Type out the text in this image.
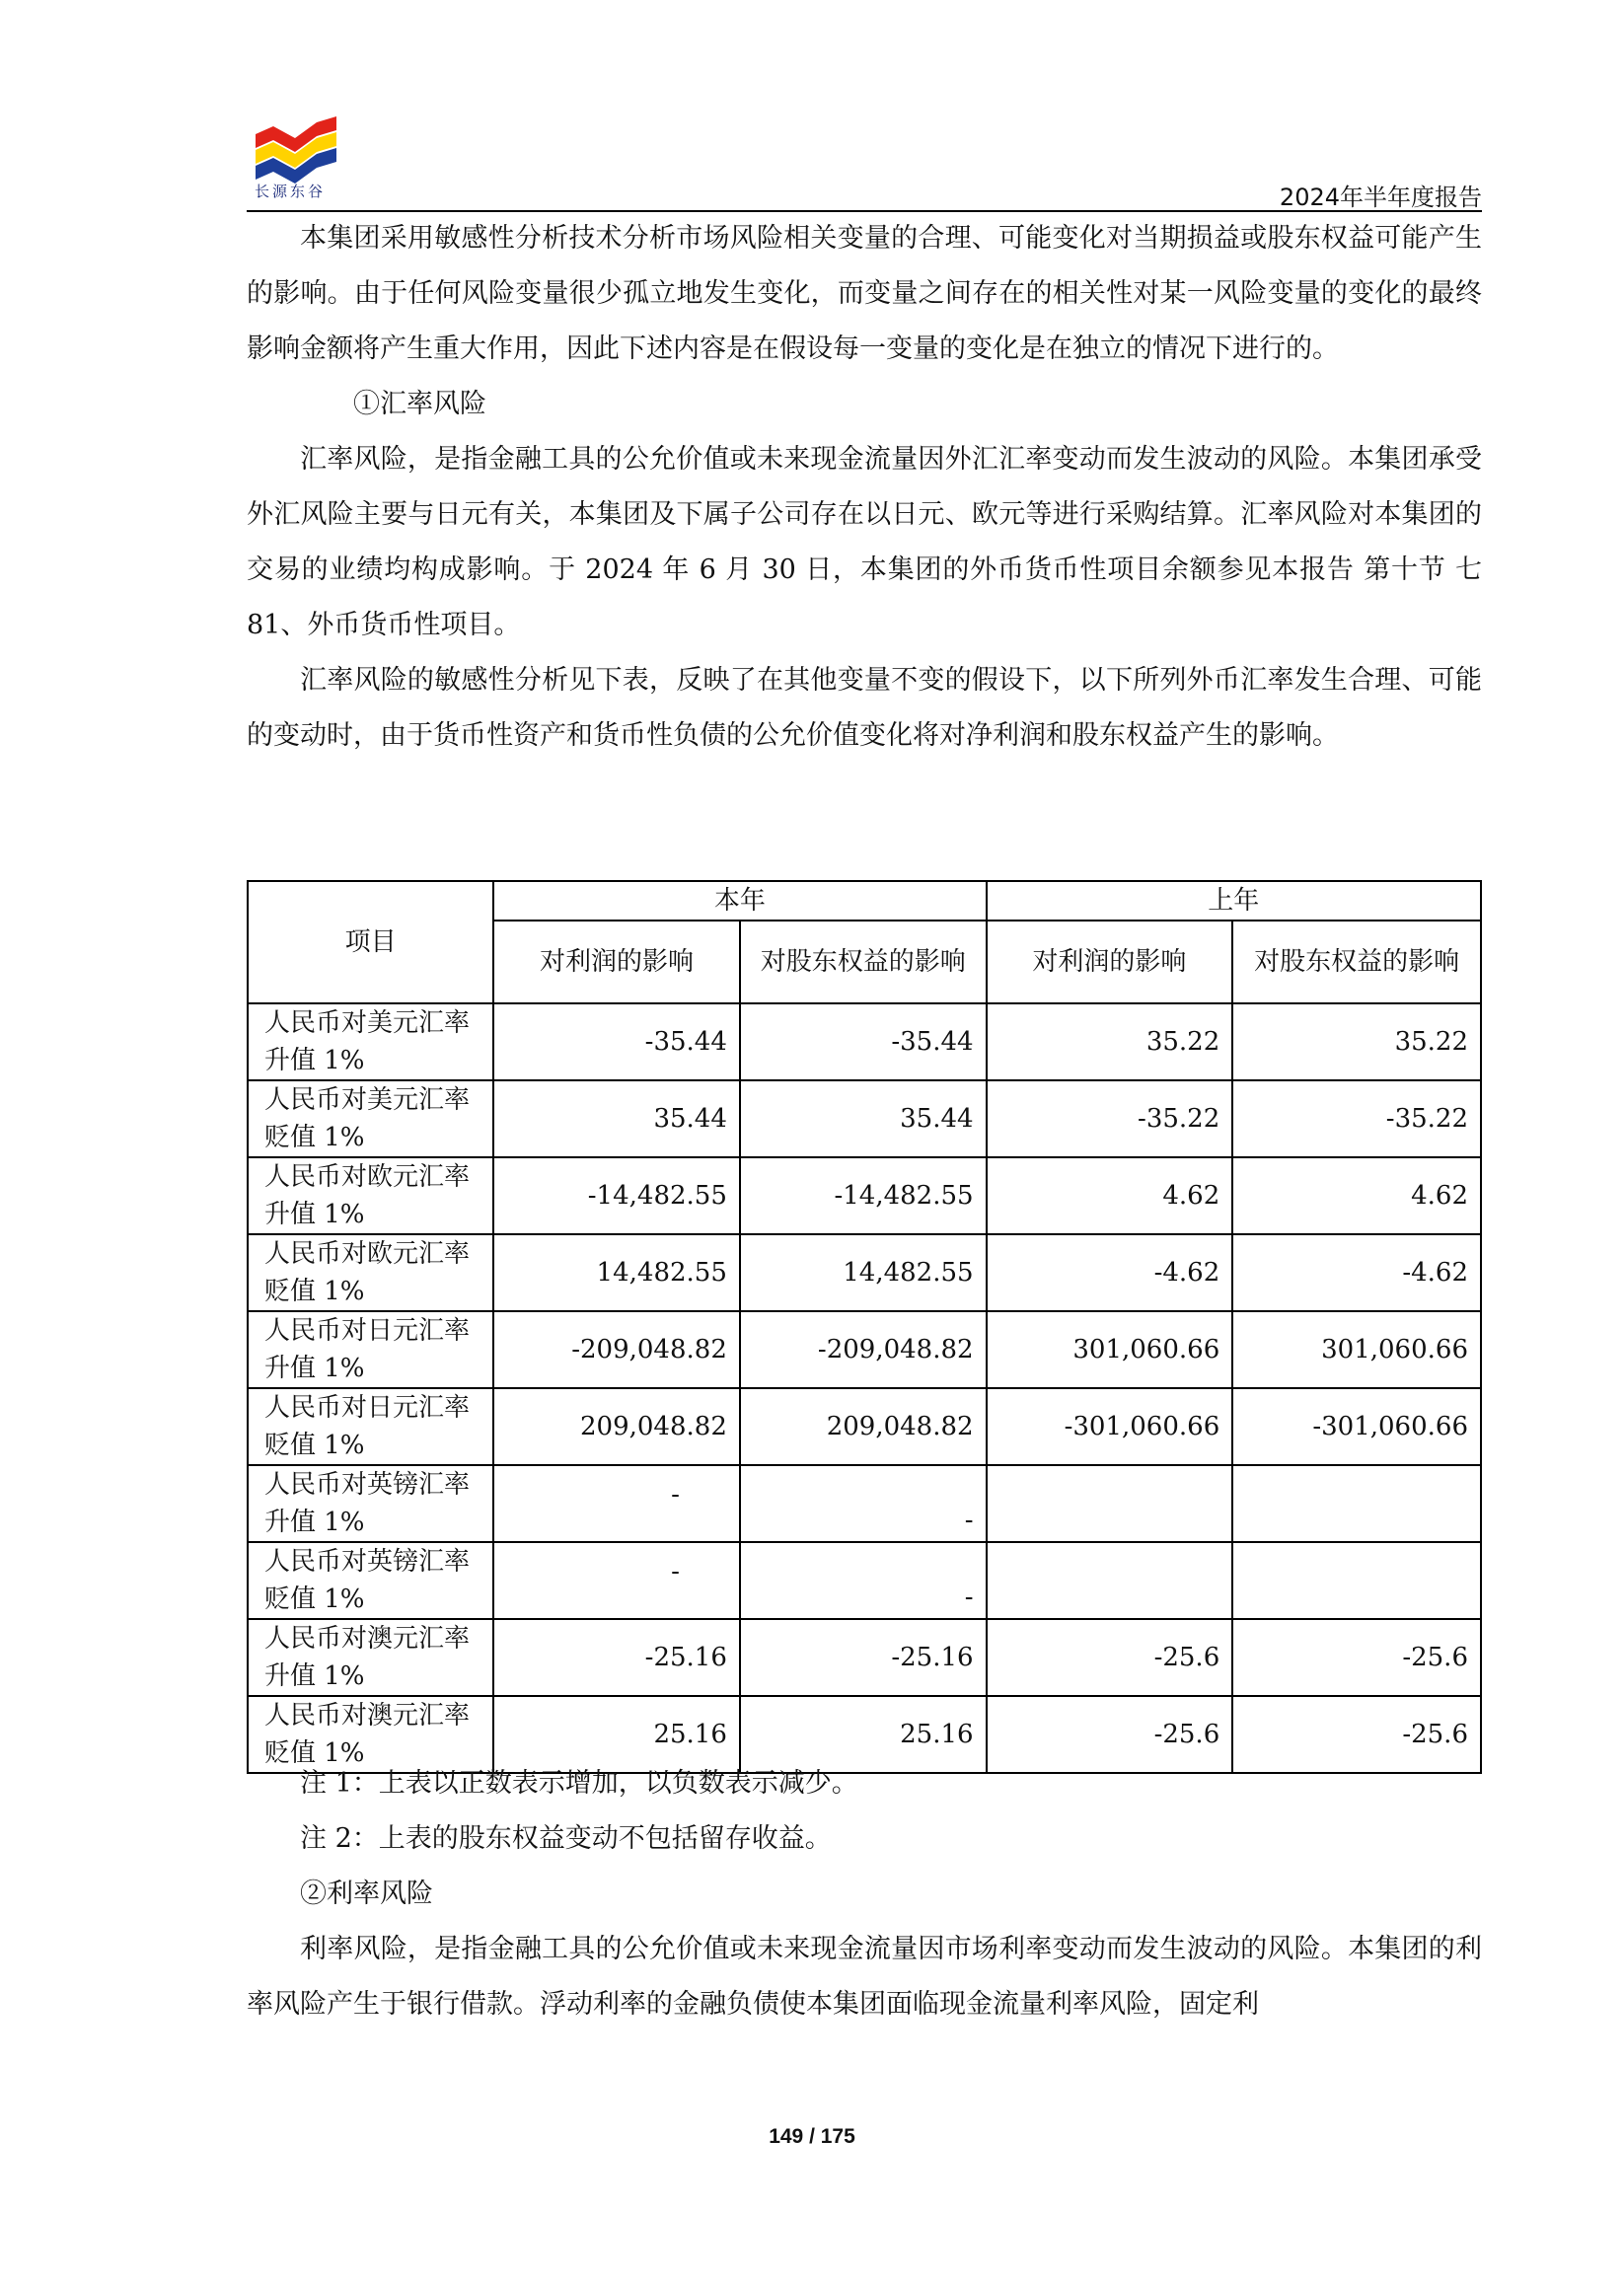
长源东谷	2024年半年度报告

本集团采用敏感性分析技术分析市场风险相关变量的合理、可能变化对当期损益或股东权益可能产生的影响。由于任何风险变量很少孤立地发生变化，而变量之间存在的相关性对某一风险变量的变化的最终影响金额将产生重大作用，因此下述内容是在假设每一变量的变化是在独立的情况下进行的。

①汇率风险

汇率风险，是指金融工具的公允价值或未来现金流量因外汇汇率变动而发生波动的风险。本集团承受外汇风险主要与日元有关，本集团及下属子公司存在以日元、欧元等进行采购结算。汇率风险对本集团的交易的业绩均构成影响。于 2024 年 6 月 30 日，本集团的外币货币性项目余额参见本报告 第十节 七 81、外币货币性项目。

汇率风险的敏感性分析见下表，反映了在其他变量不变的假设下，以下所列外币汇率发生合理、可能的变动时，由于货币性资产和货币性负债的公允价值变化将对净利润和股东权益产生的影响。

项目	本年		上年	
	对利润的影响	对股东权益的影响	对利润的影响	对股东权益的影响
人民币对美元汇率升值 1%	-35.44	-35.44	35.22	35.22
人民币对美元汇率贬值 1%	35.44	35.44	-35.22	-35.22
人民币对欧元汇率升值 1%	-14,482.55	-14,482.55	4.62	4.62
人民币对欧元汇率贬值 1%	14,482.55	14,482.55	-4.62	-4.62
人民币对日元汇率升值 1%	-209,048.82	-209,048.82	301,060.66	301,060.66
人民币对日元汇率贬值 1%	209,048.82	209,048.82	-301,060.66	-301,060.66
人民币对英镑汇率升值 1%	-	-		
人民币对英镑汇率贬值 1%	-	-		
人民币对澳元汇率升值 1%	-25.16	-25.16	-25.6	-25.6
人民币对澳元汇率贬值 1%	25.16	25.16	-25.6	-25.6

注 1：上表以正数表示增加，以负数表示减少。

注 2：上表的股东权益变动不包括留存收益。

②利率风险

利率风险，是指金融工具的公允价值或未来现金流量因市场利率变动而发生波动的风险。本集团的利率风险产生于银行借款。浮动利率的金融负债使本集团面临现金流量利率风险，固定利

149 / 175
